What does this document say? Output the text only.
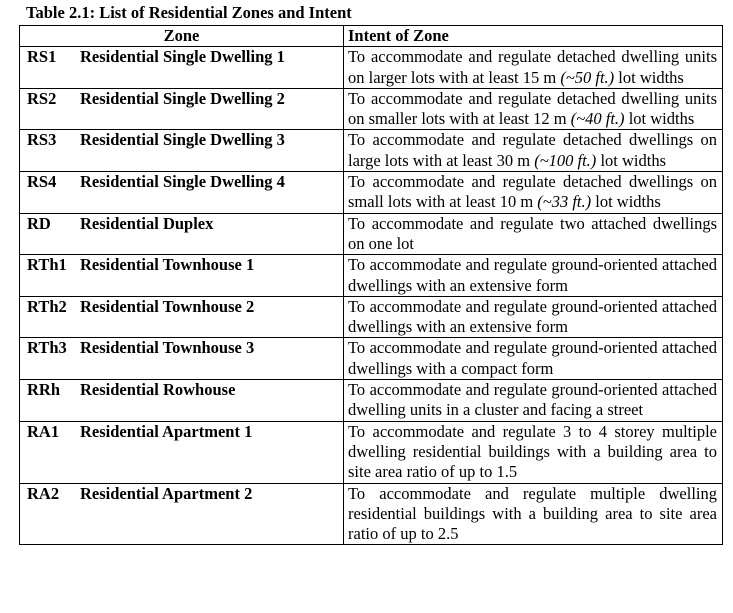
Table 2.1: List of Residential Zones and Intent
Zone	Intent of Zone
RS1 Residential Single Dwelling 1	To accommodate and regulate detached dwelling units on larger lots with at least 15 m (~50 ft.) lot widths
RS2 Residential Single Dwelling 2	To accommodate and regulate detached dwelling units on smaller lots with at least 12 m (~40 ft.) lot widths
RS3 Residential Single Dwelling 3	To accommodate and regulate detached dwellings on large lots with at least 30 m (~100 ft.) lot widths
RS4 Residential Single Dwelling 4	To accommodate and regulate detached dwellings on small lots with at least 10 m (~33 ft.) lot widths
RD Residential Duplex	To accommodate and regulate two attached dwellings on one lot
RTh1 Residential Townhouse 1	To accommodate and regulate ground-oriented attached dwellings with an extensive form
RTh2 Residential Townhouse 2	To accommodate and regulate ground-oriented attached dwellings with an extensive form
RTh3 Residential Townhouse 3	To accommodate and regulate ground-oriented attached dwellings with a compact form
RRh Residential Rowhouse	To accommodate and regulate ground-oriented attached dwelling units in a cluster and facing a street
RA1 Residential Apartment 1	To accommodate and regulate 3 to 4 storey multiple dwelling residential buildings with a building area to site area ratio of up to 1.5
RA2 Residential Apartment 2	To accommodate and regulate multiple dwelling residential buildings with a building area to site area ratio of up to 2.5
